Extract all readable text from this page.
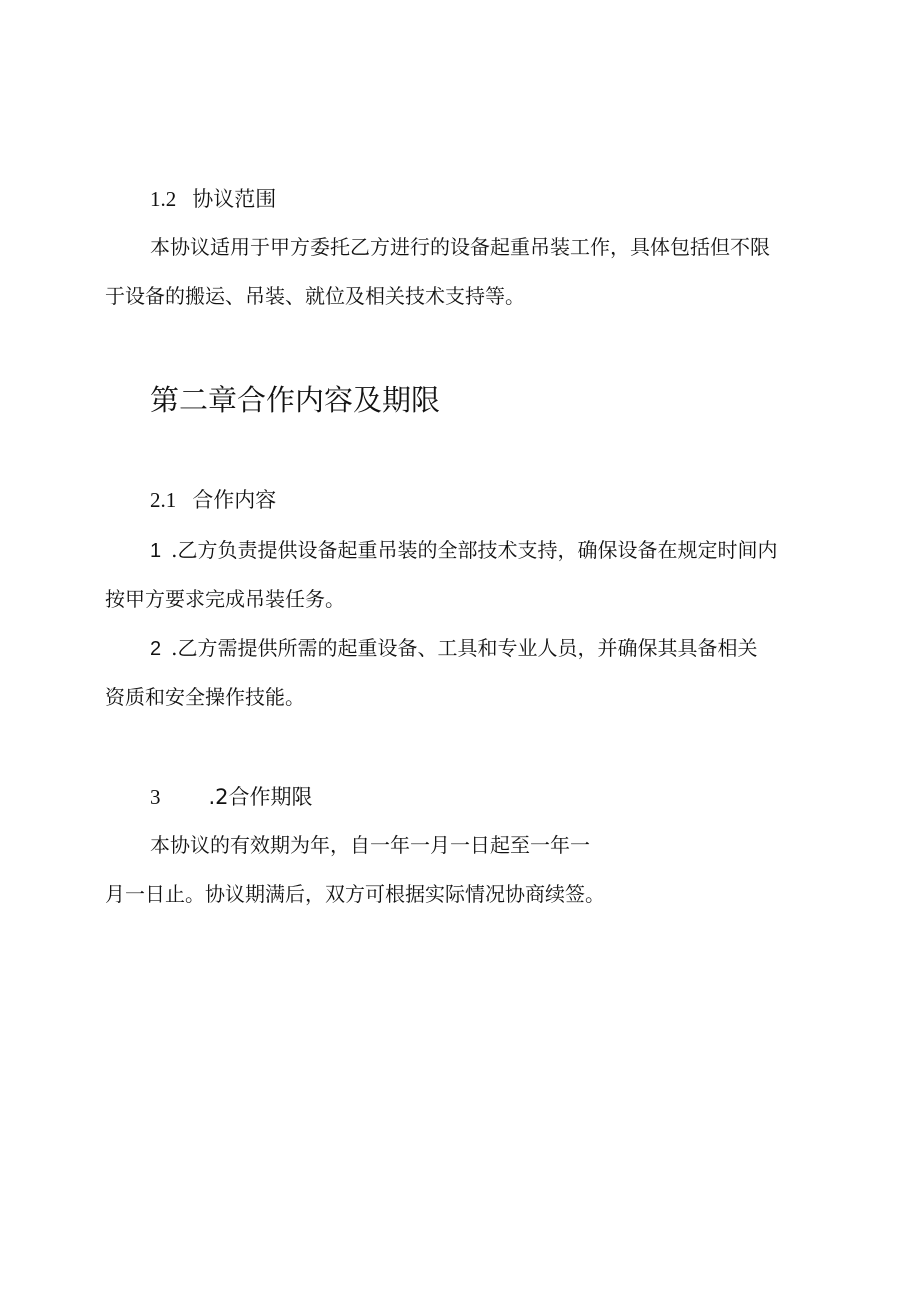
1.2 协议范围
本协议适用于甲方委托乙方进行的设备起重吊装工作，具体包括但不限
于设备的搬运、吊装、就位及相关技术支持等。
第二章合作内容及期限
2.1 合作内容
1 .乙方负责提供设备起重吊装的全部技术支持，确保设备在规定时间内
按甲方要求完成吊装任务。
2 .乙方需提供所需的起重设备、工具和专业人员，并确保其具备相关
资质和安全操作技能。
3 .2合作期限
本协议的有效期为年，自一年一月一日起至一年一
月一日止。协议期满后，双方可根据实际情况协商续签。
